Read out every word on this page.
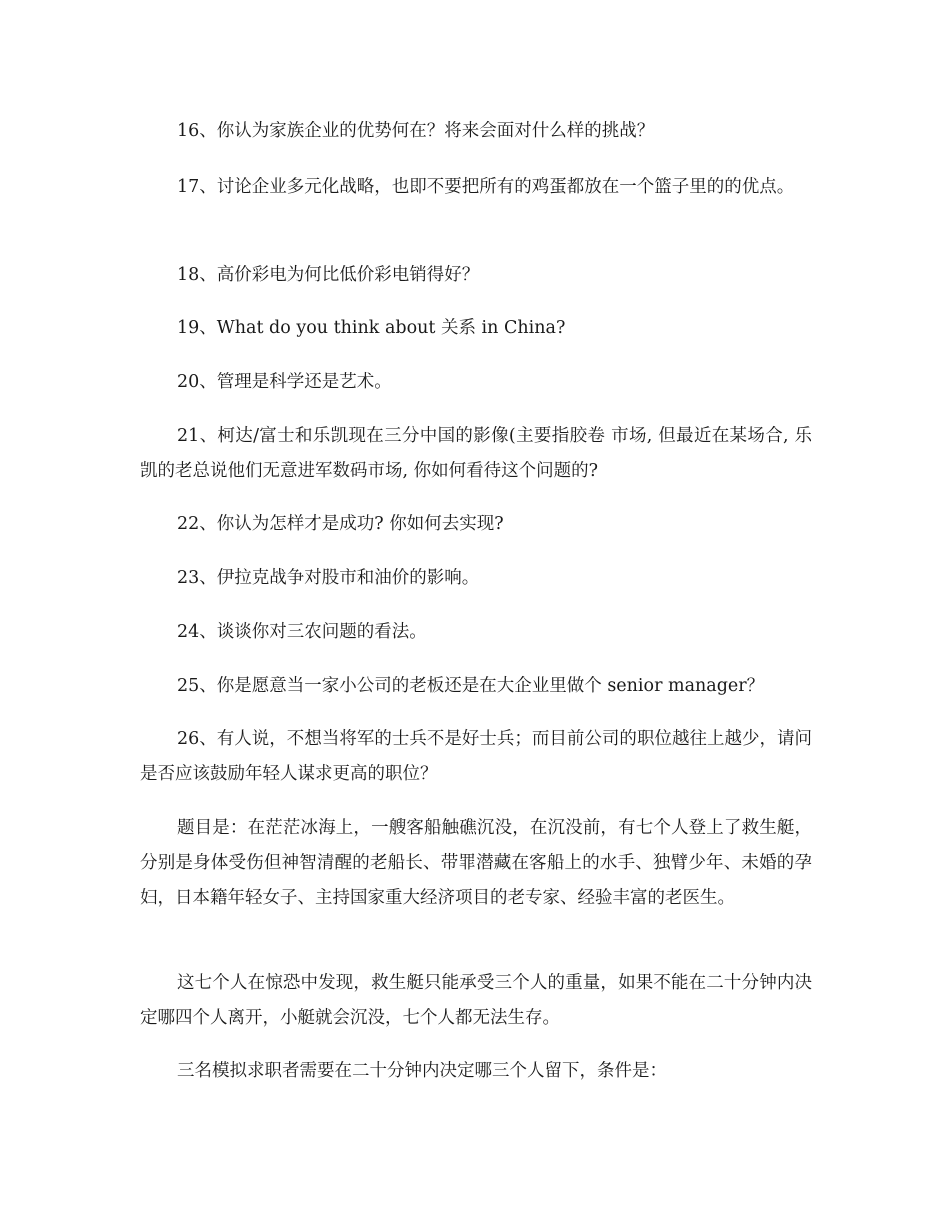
16、你认为家族企业的优势何在？将来会面对什么样的挑战？

17、讨论企业多元化战略，也即不要把所有的鸡蛋都放在一个篮子里的的优点。

18、高价彩电为何比低价彩电销得好？

19、What do you think about 关系 in China?

20、管理是科学还是艺术。

21、柯达/富士和乐凯现在三分中国的影像(主要指胶卷 市场, 但最近在某场合, 乐凯的老总说他们无意进军数码市场, 你如何看待这个问题的?

22、你认为怎样才是成功? 你如何去实现?

23、伊拉克战争对股市和油价的影响。

24、谈谈你对三农问题的看法。

25、你是愿意当一家小公司的老板还是在大企业里做个 senior manager？

26、有人说，不想当将军的士兵不是好士兵；而目前公司的职位越往上越少，请问是否应该鼓励年轻人谋求更高的职位？

题目是：在茫茫冰海上，一艘客船触礁沉没，在沉没前，有七个人登上了救生艇，分别是身体受伤但神智清醒的老船长、带罪潜藏在客船上的水手、独臂少年、未婚的孕妇，日本籍年轻女子、主持国家重大经济项目的老专家、经验丰富的老医生。

这七个人在惊恐中发现，救生艇只能承受三个人的重量，如果不能在二十分钟内决定哪四个人离开，小艇就会沉没，七个人都无法生存。

三名模拟求职者需要在二十分钟内决定哪三个人留下，条件是：
